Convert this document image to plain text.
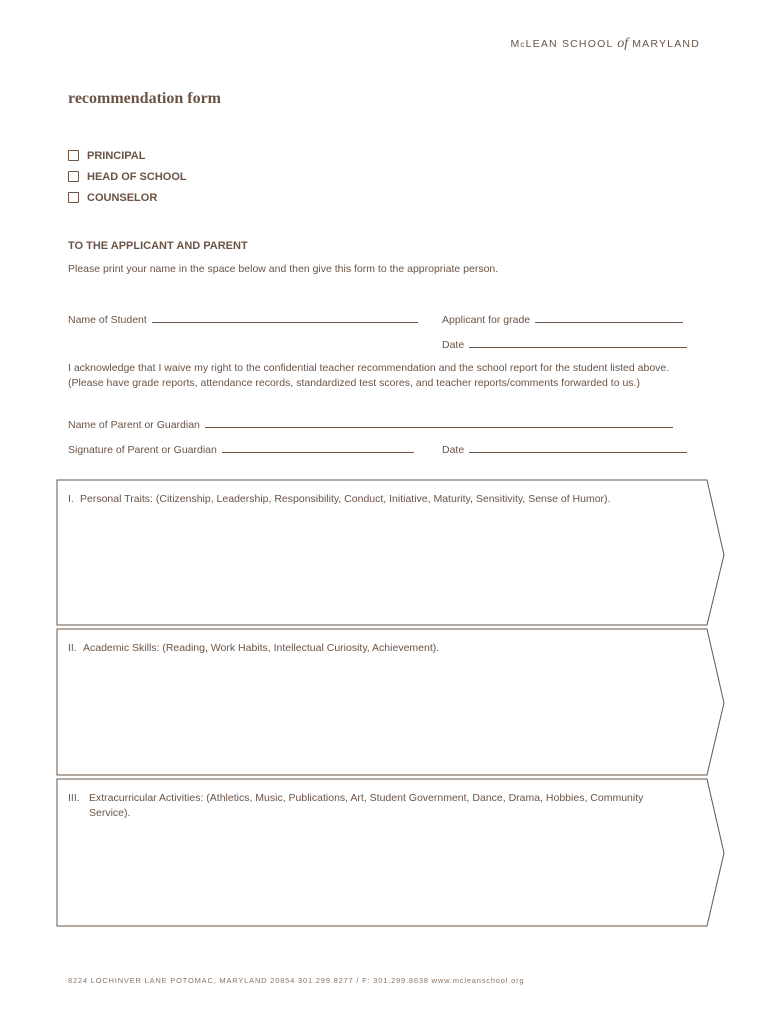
McLEAN SCHOOL of MARYLAND
recommendation form
PRINCIPAL
HEAD OF SCHOOL
COUNSELOR
TO THE APPLICANT AND PARENT
Please print your name in the space below and then give this form to the appropriate person.
Name of Student	Applicant for grade
Date
I acknowledge that I waive my right to the confidential teacher recommendation and the school report for the student listed above. (Please have grade reports, attendance records, standardized test scores, and teacher reports/comments forwarded to us.)
Name of Parent or Guardian
Signature of Parent or Guardian	Date
I. Personal Traits: (Citizenship, Leadership, Responsibility, Conduct, Initiative, Maturity, Sensitivity, Sense of Humor).
II. Academic Skills: (Reading, Work Habits, Intellectual Curiosity, Achievement).
III. Extracurricular Activities: (Athletics, Music, Publications, Art, Student Government, Dance, Drama, Hobbies, Community Service).
8224 LOCHINVER LANE POTOMAC, MARYLAND 20854 301.299.8277 / F: 301.299.8638 www.mcleanschool.org
